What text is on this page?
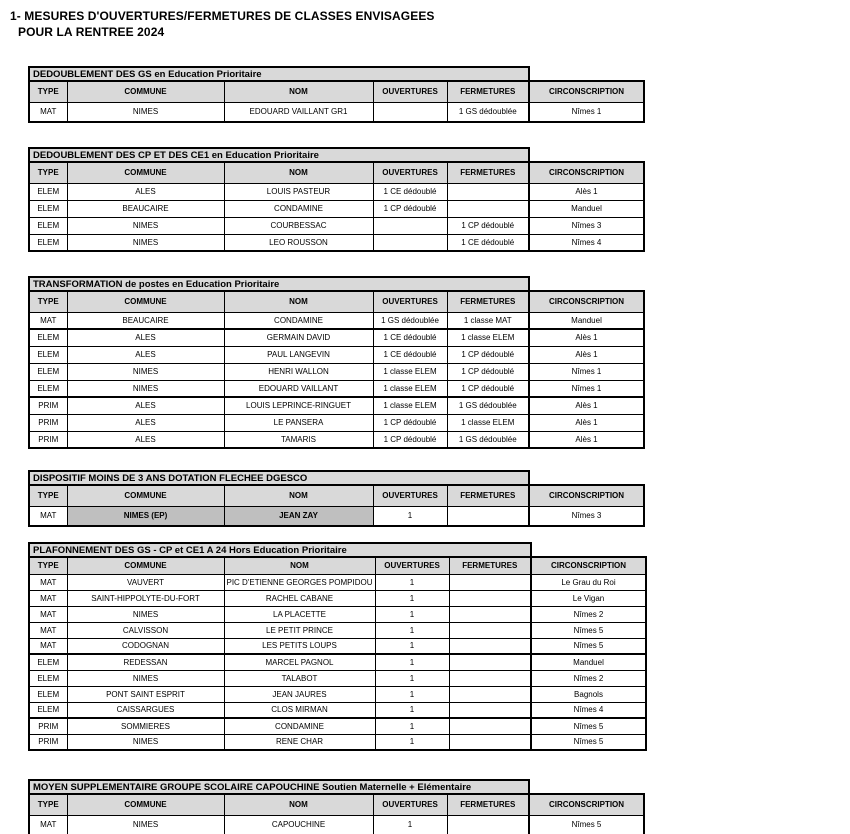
1- MESURES D'OUVERTURES/FERMETURES DE CLASSES ENVISAGEES
POUR LA RENTREE 2024
DEDOUBLEMENT DES GS en Education Prioritaire					
TYPE	COMMUNE	NOM	OUVERTURES	FERMETURES	CIRCONSCRIPTION
MAT	NIMES	EDOUARD VAILLANT GR1		1 GS dédoublée	Nîmes 1
DEDOUBLEMENT DES CP ET DES CE1 en Education Prioritaire					
TYPE	COMMUNE	NOM	OUVERTURES	FERMETURES	CIRCONSCRIPTION
ELEM	ALES	LOUIS PASTEUR	1 CE dédoublé		Alès 1
ELEM	BEAUCAIRE	CONDAMINE	1 CP dédoublé		Manduel
ELEM	NIMES	COURBESSAC		1 CP dédoublé	Nîmes 3
ELEM	NIMES	LEO ROUSSON		1 CE dédoublé	Nîmes 4
TRANSFORMATION de postes en Education Prioritaire					
TYPE	COMMUNE	NOM	OUVERTURES	FERMETURES	CIRCONSCRIPTION
MAT	BEAUCAIRE	CONDAMINE	1 GS dédoublée	1 classe MAT	Manduel
ELEM	ALES	GERMAIN DAVID	1 CE dédoublé	1 classe ELEM	Alès 1
ELEM	ALES	PAUL LANGEVIN	1 CE dédoublé	1 CP dédoublé	Alès 1
ELEM	NIMES	HENRI WALLON	1 classe ELEM	1 CP dédoublé	Nîmes 1
ELEM	NIMES	EDOUARD VAILLANT	1 classe ELEM	1 CP dédoublé	Nîmes 1
PRIM	ALES	LOUIS LEPRINCE-RINGUET	1 classe ELEM	1 GS dédoublée	Alès 1
PRIM	ALES	LE PANSERA	1 CP dédoublé	1 classe ELEM	Alès 1
PRIM	ALES	TAMARIS	1 CP dédoublé	1 GS dédoublée	Alès 1
DISPOSITIF MOINS DE 3 ANS DOTATION FLECHEE DGESCO					
TYPE	COMMUNE	NOM	OUVERTURES	FERMETURES	CIRCONSCRIPTION
MAT	NIMES (EP)	JEAN ZAY	1		Nîmes 3
PLAFONNEMENT DES GS - CP et CE1 A 24 Hors Education Prioritaire					
TYPE	COMMUNE	NOM	OUVERTURES	FERMETURES	CIRCONSCRIPTION
MAT	VAUVERT	PIC D'ETIENNE GEORGES POMPIDOU	1		Le Grau du Roi
MAT	SAINT-HIPPOLYTE-DU-FORT	RACHEL CABANE	1		Le Vigan
MAT	NIMES	LA PLACETTE	1		Nîmes 2
MAT	CALVISSON	LE PETIT PRINCE	1		Nîmes 5
MAT	CODOGNAN	LES PETITS LOUPS	1		Nîmes 5
ELEM	REDESSAN	MARCEL PAGNOL	1		Manduel
ELEM	NIMES	TALABOT	1		Nîmes 2
ELEM	PONT SAINT ESPRIT	JEAN JAURES	1		Bagnols
ELEM	CAISSARGUES	CLOS MIRMAN	1		Nîmes 4
PRIM	SOMMIERES	CONDAMINE	1		Nîmes 5
PRIM	NIMES	RENE CHAR	1		Nîmes 5
MOYEN SUPPLEMENTAIRE GROUPE SCOLAIRE CAPOUCHINE Soutien Maternelle + Elémentaire					
TYPE	COMMUNE	NOM	OUVERTURES	FERMETURES	CIRCONSCRIPTION
MAT	NIMES	CAPOUCHINE	1		Nîmes 5
